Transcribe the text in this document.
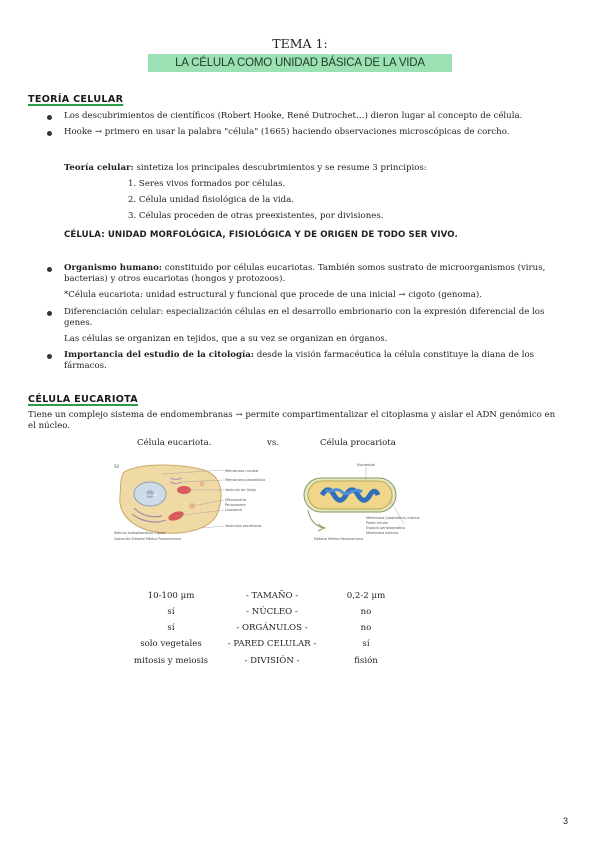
TEMA 1:
LA CÉLULA COMO UNIDAD BÁSICA DE LA VIDA
TEORÍA CELULAR
Los descubrimientos de científicos (Robert Hooke, René Dutrochet…) dieron lugar al concepto de célula.
Hooke → primero en usar la palabra "célula" (1665) haciendo observaciones microscópicas de corcho.
Teoría celular: sintetiza los principales descubrimientos y se resume 3 principios:
1. Seres vivos formados por células.
2. Célula unidad fisiológica de la vida.
3. Células proceden de otras preexistentes, por divisiones.
CÉLULA: UNIDAD MORFOLÓGICA, FISIOLÓGICA Y DE ORIGEN DE TODO SER VIVO.
Organismo humano: constituido por células eucariotas. También somos sustrato de microorganismos (virus,
bacterias) y otros eucariotas (hongos y protozoos).
*Célula eucariota: unidad estructural y funcional que procede de una inicial → cigoto (genoma).
Diferenciación celular: especialización células en el desarrollo embrionario con la expresión diferencial de los
genes.
Las células se organizan en tejidos, que a su vez se organizan en órganos.
Importancia del estudio de la citología: desde la visión farmacéutica la célula constituye la diana de los
fármacos.
CÉLULA EUCARIOTA
Tiene un complejo sistema de endomembranas → permite compartimentalizar el citoplasma y aislar el ADN genómico en
el núcleo.
Célula eucariota.	vs.	Célula procariota
Membrana nuclear
Membrana plasmática
Vesícula de Golgi
Mitocondria
Peroxisoma
Lisosoma
Núcleo
Retículo endoplasmático rugoso
Vesículas secretoras
SV
Ilustración Editorial Médica Panamericana
Nucleoide
Membrana (plasmática) interna
Pared celular
Espacio periplasmático
Membrana externa
Editorial Médica Panamericana
10-100 μm	- TAMAÑO -	0,2-2 μm
sí	- NÚCLEO -	no
sí	- ORGÁNULOS -	no
solo vegetales	- PARED CELULAR -	sí
mitosis y meiosis	- DIVISIÓN -	fisión
3
